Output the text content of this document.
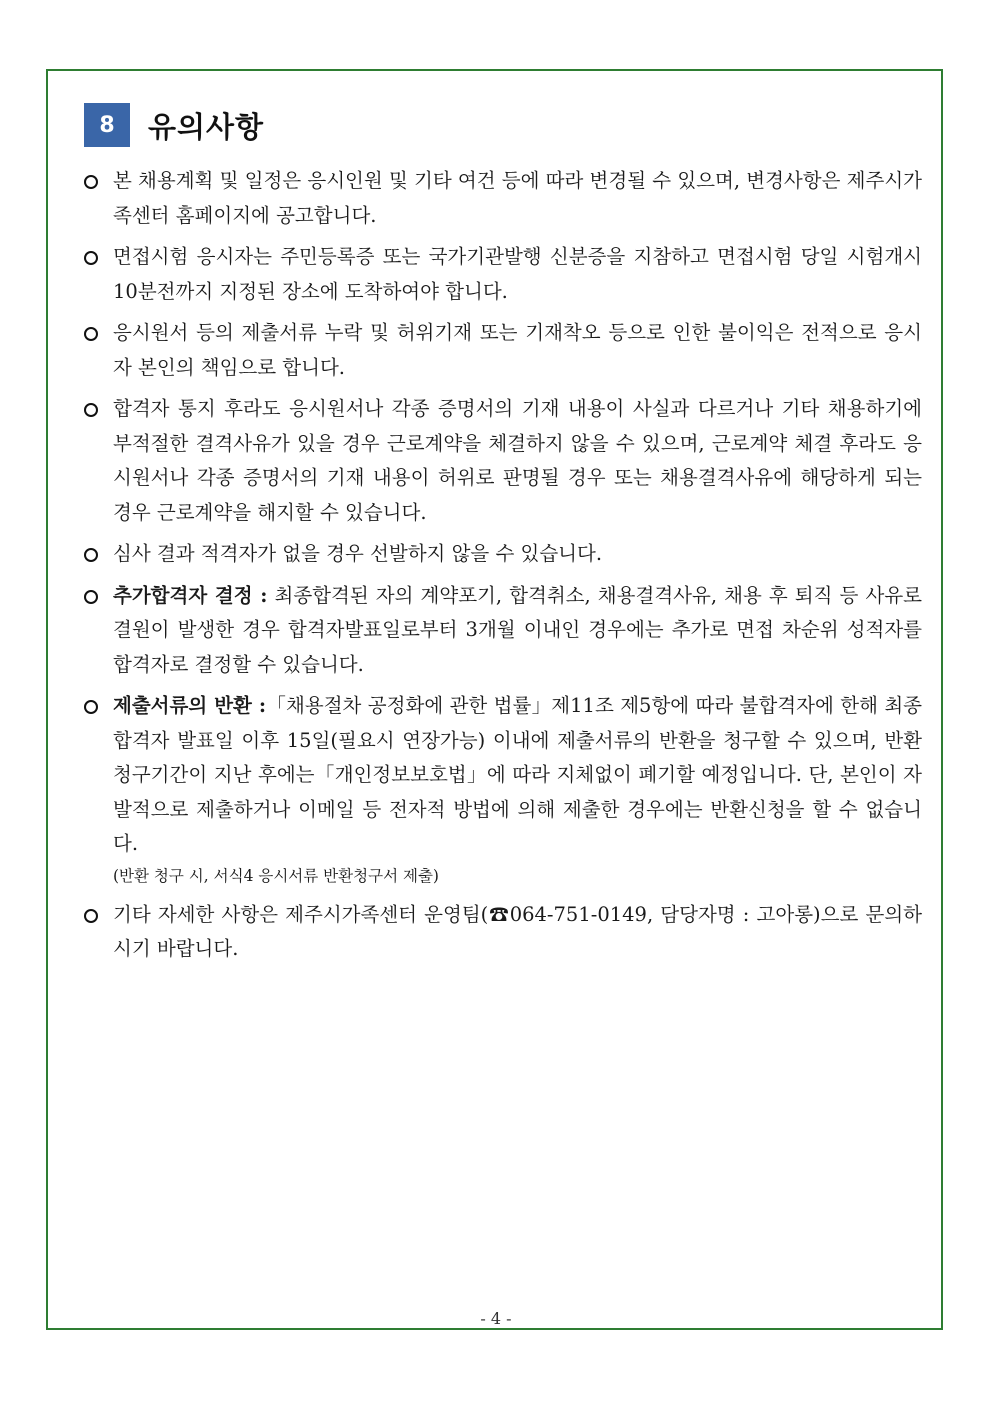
8	유의사항
본 채용계획 및 일정은 응시인원 및 기타 여건 등에 따라 변경될 수 있으며, 변경사항은 제주시가족센터 홈페이지에 공고합니다.
면접시험 응시자는 주민등록증 또는 국가기관발행 신분증을 지참하고 면접시험 당일 시험개시 10분전까지 지정된 장소에 도착하여야 합니다.
응시원서 등의 제출서류 누락 및 허위기재 또는 기재착오 등으로 인한 불이익은 전적으로 응시자 본인의 책임으로 합니다.
합격자 통지 후라도 응시원서나 각종 증명서의 기재 내용이 사실과 다르거나 기타 채용하기에 부적절한 결격사유가 있을 경우 근로계약을 체결하지 않을 수 있으며, 근로계약 체결 후라도 응시원서나 각종 증명서의 기재 내용이 허위로 판명될 경우 또는 채용결격사유에 해당하게 되는 경우 근로계약을 해지할 수 있습니다.
심사 결과 적격자가 없을 경우 선발하지 않을 수 있습니다.
추가합격자 결정 : 최종합격된 자의 계약포기, 합격취소, 채용결격사유, 채용 후 퇴직 등 사유로 결원이 발생한 경우 합격자발표일로부터 3개월 이내인 경우에는 추가로 면접 차순위 성적자를 합격자로 결정할 수 있습니다.
제출서류의 반환 :「채용절차 공정화에 관한 법률」제11조 제5항에 따라 불합격자에 한해 최종합격자 발표일 이후 15일(필요시 연장가능) 이내에 제출서류의 반환을 청구할 수 있으며, 반환청구기간이 지난 후에는「개인정보보호법」에 따라 지체없이 폐기할 예정입니다. 단, 본인이 자발적으로 제출하거나 이메일 등 전자적 방법에 의해 제출한 경우에는 반환신청을 할 수 없습니다.
(반환 청구 시, 서식4 응시서류 반환청구서 제출)
기타 자세한 사항은 제주시가족센터 운영팀(☎064-751-0149, 담당자명 : 고아롱)으로 문의하시기 바랍니다.
- 4 -
